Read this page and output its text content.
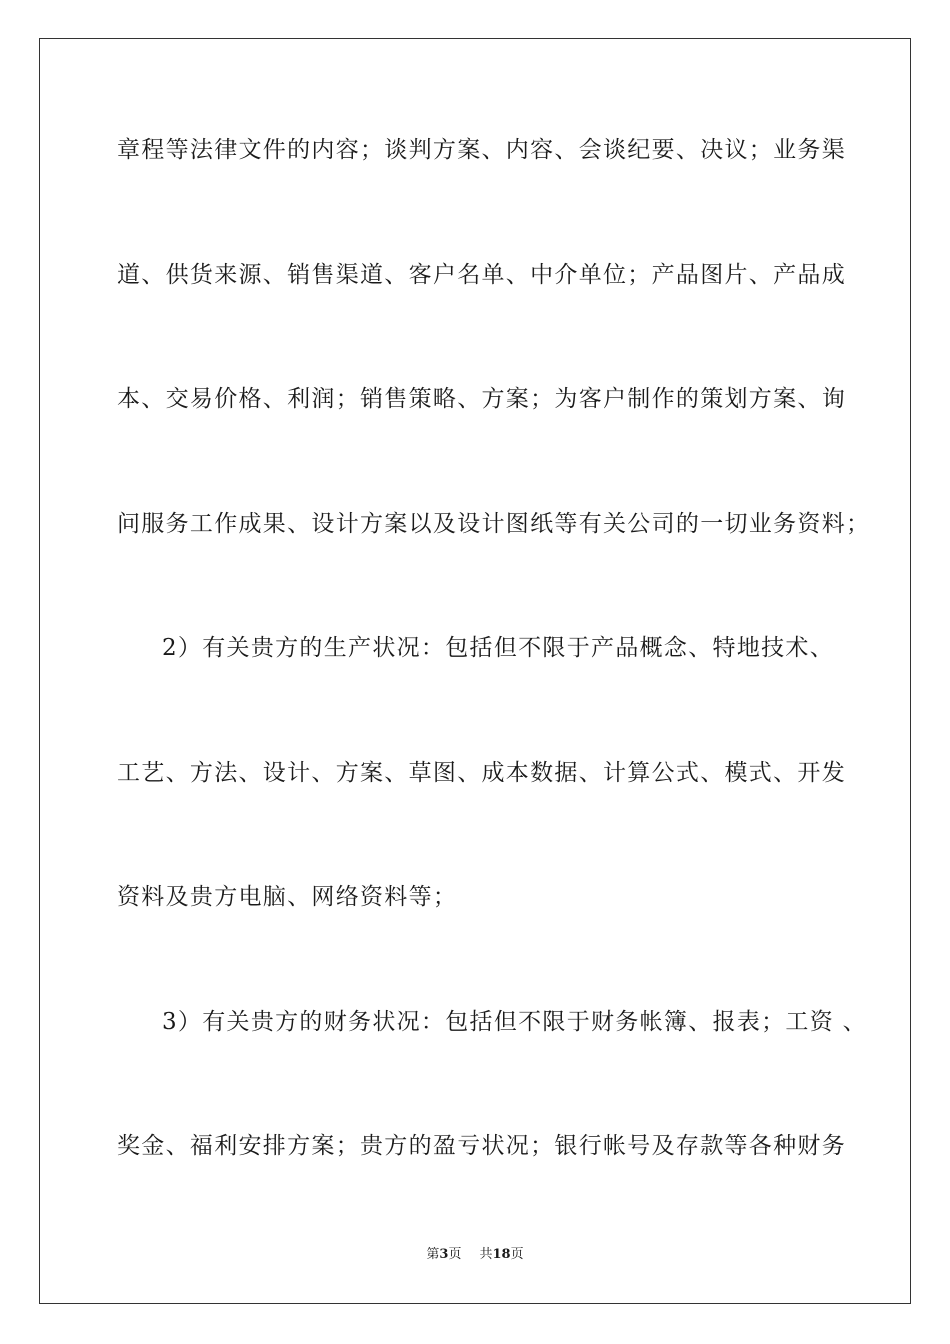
章程等法律文件的内容；谈判方案、内容、会谈纪要、决议；业务渠
道、供货来源、销售渠道、客户名单、中介单位；产品图片、产品成
本、交易价格、利润；销售策略、方案；为客户制作的策划方案、询
问服务工作成果、设计方案以及设计图纸等有关公司的一切业务资料；
2）有关贵方的生产状况：包括但不限于产品概念、特地技术、
工艺、方法、设计、方案、草图、成本数据、计算公式、模式、开发
资料及贵方电脑、网络资料等；
3）有关贵方的财务状况：包括但不限于财务帐簿、报表；工资 、
奖金、福利安排方案；贵方的盈亏状况；银行帐号及存款等各种财务
第3页 共18页
